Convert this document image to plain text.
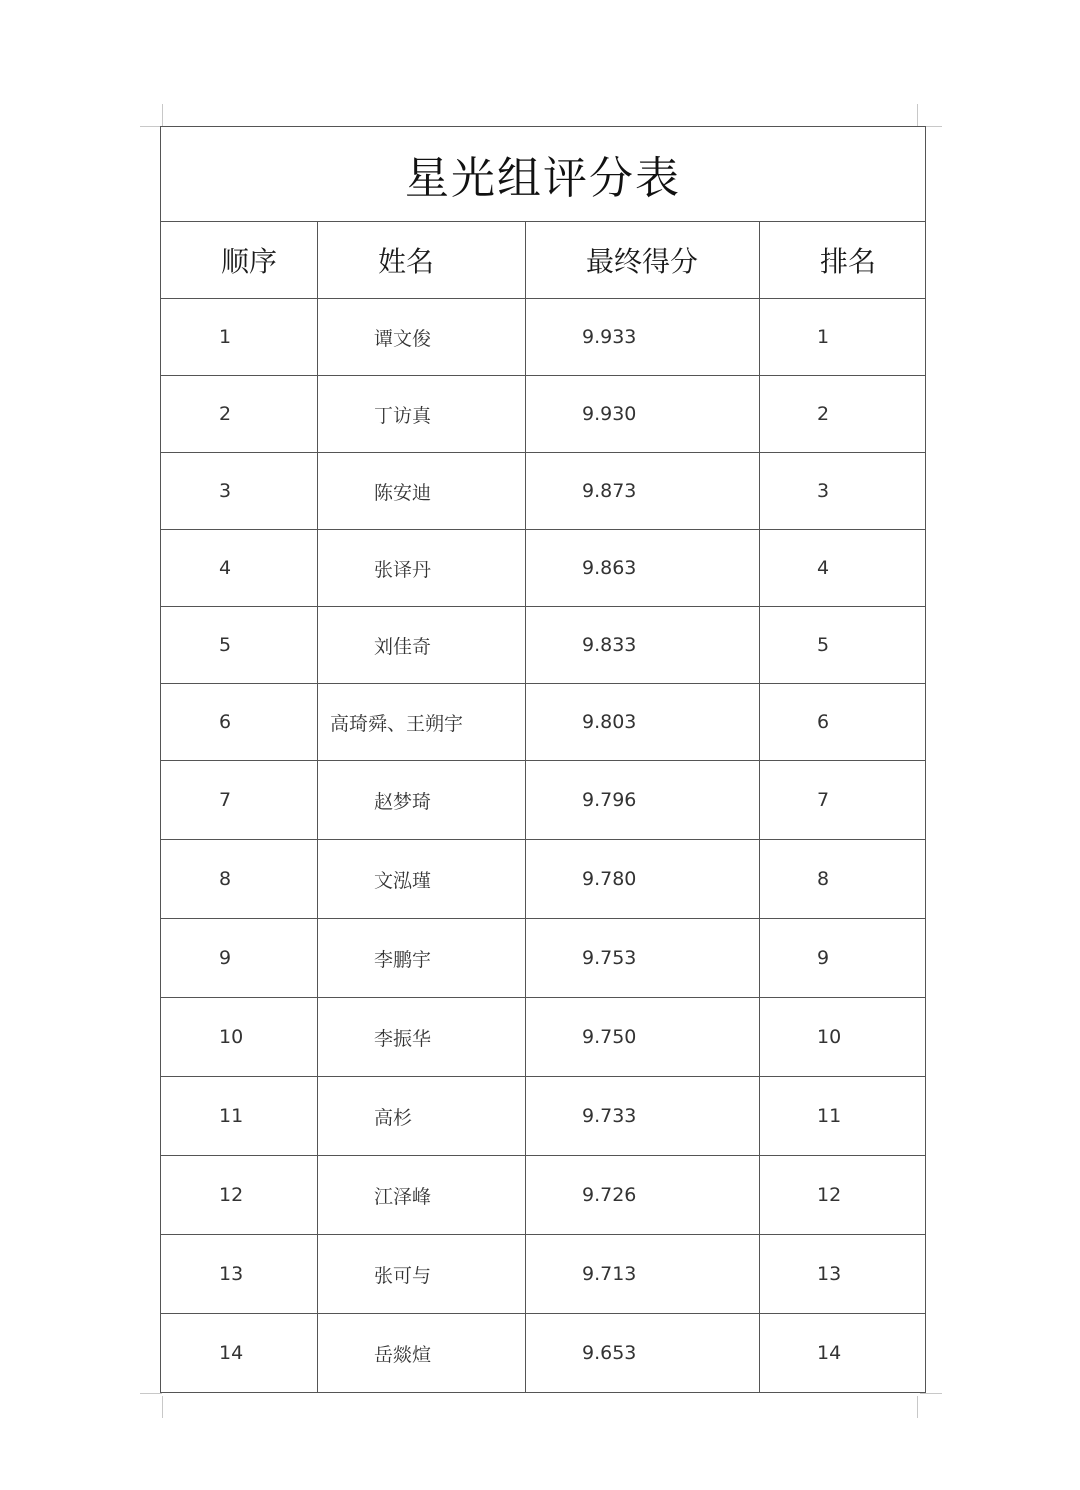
星光组评分表			
顺序	姓名	最终得分	排名
1	谭文俊	9.933	1
2	丁访真	9.930	2
3	陈安迪	9.873	3
4	张译丹	9.863	4
5	刘佳奇	9.833	5
6	高琦舜、王朔宇	9.803	6
7	赵梦琦	9.796	7
8	文泓瑾	9.780	8
9	李鹏宇	9.753	9
10	李振华	9.750	10
11	高杉	9.733	11
12	江泽峰	9.726	12
13	张可与	9.713	13
14	岳燚煊	9.653	14
